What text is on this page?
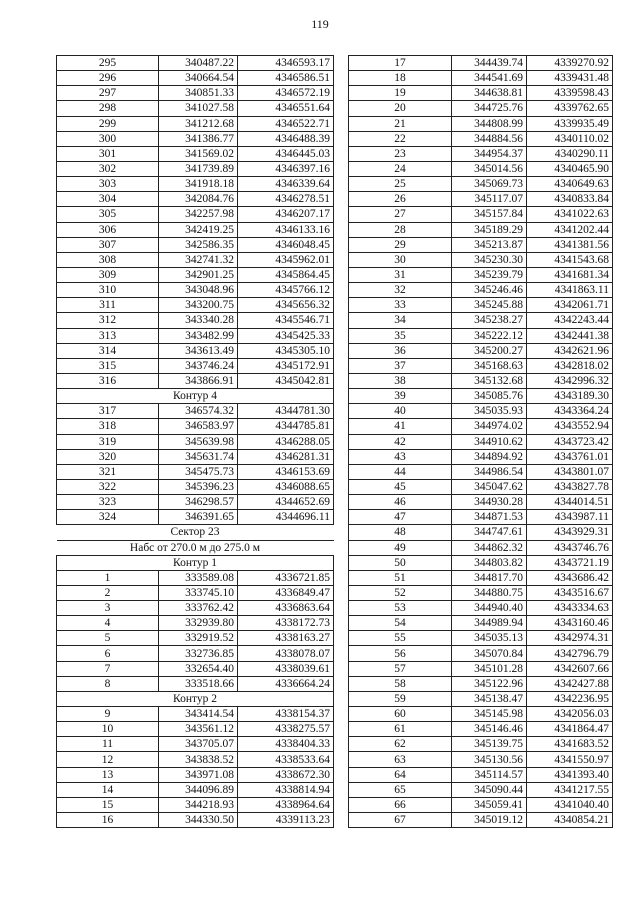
119
295	340487.22	4346593.17
296	340664.54	4346586.51
297	340851.33	4346572.19
298	341027.58	4346551.64
299	341212.68	4346522.71
300	341386.77	4346488.39
301	341569.02	4346445.03
302	341739.89	4346397.16
303	341918.18	4346339.64
304	342084.76	4346278.51
305	342257.98	4346207.17
306	342419.25	4346133.16
307	342586.35	4346048.45
308	342741.32	4345962.01
309	342901.25	4345864.45
310	343048.96	4345766.12
311	343200.75	4345656.32
312	343340.28	4345546.71
313	343482.99	4345425.33
314	343613.49	4345305.10
315	343746.24	4345172.91
316	343866.91	4345042.81
Контур 4		
317	346574.32	4344781.30
318	346583.97	4344785.81
319	345639.98	4346288.05
320	345631.74	4346281.31
321	345475.73	4346153.69
322	345396.23	4346088.65
323	346298.57	4344652.69
324	346391.65	4344696.11
Сектор 23		
Набс от 270.0 м до 275.0 м		
Контур 1		
1	333589.08	4336721.85
2	333745.10	4336849.47
3	333762.42	4336863.64
4	332939.80	4338172.73
5	332919.52	4338163.27
6	332736.85	4338078.07
7	332654.40	4338039.61
8	333518.66	4336664.24
Контур 2		
9	343414.54	4338154.37
10	343561.12	4338275.57
11	343705.07	4338404.33
12	343838.52	4338533.64
13	343971.08	4338672.30
14	344096.89	4338814.94
15	344218.93	4338964.64
16	344330.50	4339113.23
17	344439.74	4339270.92
18	344541.69	4339431.48
19	344638.81	4339598.43
20	344725.76	4339762.65
21	344808.99	4339935.49
22	344884.56	4340110.02
23	344954.37	4340290.11
24	345014.56	4340465.90
25	345069.73	4340649.63
26	345117.07	4340833.84
27	345157.84	4341022.63
28	345189.29	4341202.44
29	345213.87	4341381.56
30	345230.30	4341543.68
31	345239.79	4341681.34
32	345246.46	4341863.11
33	345245.88	4342061.71
34	345238.27	4342243.44
35	345222.12	4342441.38
36	345200.27	4342621.96
37	345168.63	4342818.02
38	345132.68	4342996.32
39	345085.76	4343189.30
40	345035.93	4343364.24
41	344974.02	4343552.94
42	344910.62	4343723.42
43	344894.92	4343761.01
44	344986.54	4343801.07
45	345047.62	4343827.78
46	344930.28	4344014.51
47	344871.53	4343987.11
48	344747.61	4343929.31
49	344862.32	4343746.76
50	344803.82	4343721.19
51	344817.70	4343686.42
52	344880.75	4343516.67
53	344940.40	4343334.63
54	344989.94	4343160.46
55	345035.13	4342974.31
56	345070.84	4342796.79
57	345101.28	4342607.66
58	345122.96	4342427.88
59	345138.47	4342236.95
60	345145.98	4342056.03
61	345146.46	4341864.47
62	345139.75	4341683.52
63	345130.56	4341550.97
64	345114.57	4341393.40
65	345090.44	4341217.55
66	345059.41	4341040.40
67	345019.12	4340854.21
